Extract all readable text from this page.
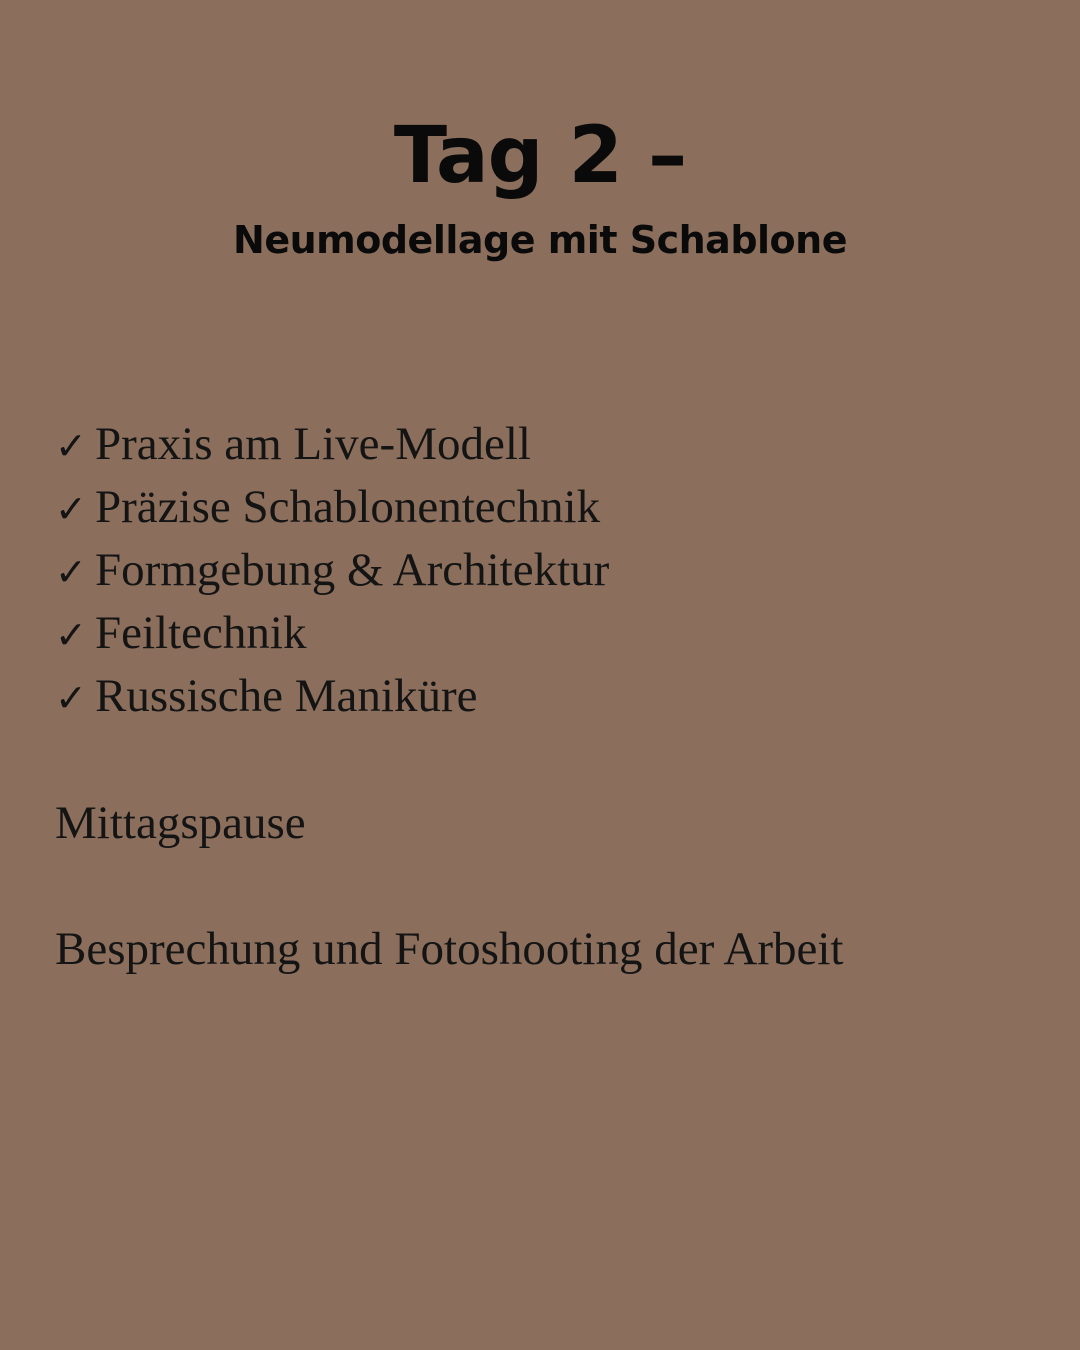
Tag 2 –
Neumodellage mit Schablone
✓ Praxis am Live-Modell
✓ Präzise Schablonentechnik
✓ Formgebung & Architektur
✓ Feiltechnik
✓ Russische Maniküre
Mittagspause
Besprechung und Fotoshooting der Arbeit
